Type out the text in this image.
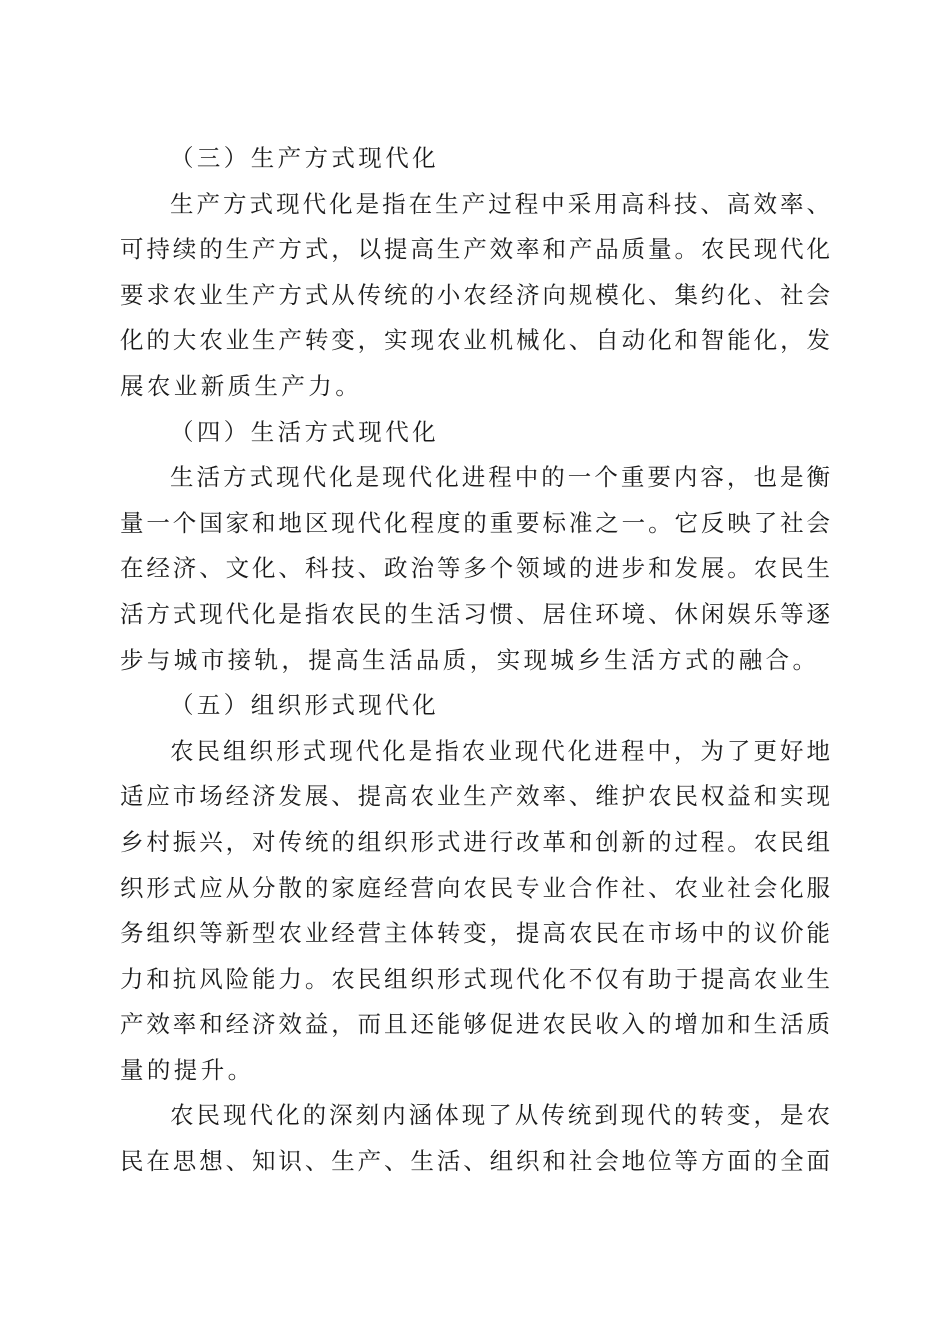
（三）生产方式现代化
生产方式现代化是指在生产过程中采用高科技、高效率、
可持续的生产方式，以提高生产效率和产品质量。农民现代化
要求农业生产方式从传统的小农经济向规模化、集约化、社会
化的大农业生产转变，实现农业机械化、自动化和智能化，发
展农业新质生产力。
（四）生活方式现代化
生活方式现代化是现代化进程中的一个重要内容，也是衡
量一个国家和地区现代化程度的重要标准之一。它反映了社会
在经济、文化、科技、政治等多个领域的进步和发展。农民生
活方式现代化是指农民的生活习惯、居住环境、休闲娱乐等逐
步与城市接轨，提高生活品质，实现城乡生活方式的融合。
（五）组织形式现代化
农民组织形式现代化是指农业现代化进程中，为了更好地
适应市场经济发展、提高农业生产效率、维护农民权益和实现
乡村振兴，对传统的组织形式进行改革和创新的过程。农民组
织形式应从分散的家庭经营向农民专业合作社、农业社会化服
务组织等新型农业经营主体转变，提高农民在市场中的议价能
力和抗风险能力。农民组织形式现代化不仅有助于提高农业生
产效率和经济效益，而且还能够促进农民收入的增加和生活质
量的提升。
农民现代化的深刻内涵体现了从传统到现代的转变，是农
民在思想、知识、生产、生活、组织和社会地位等方面的全面
